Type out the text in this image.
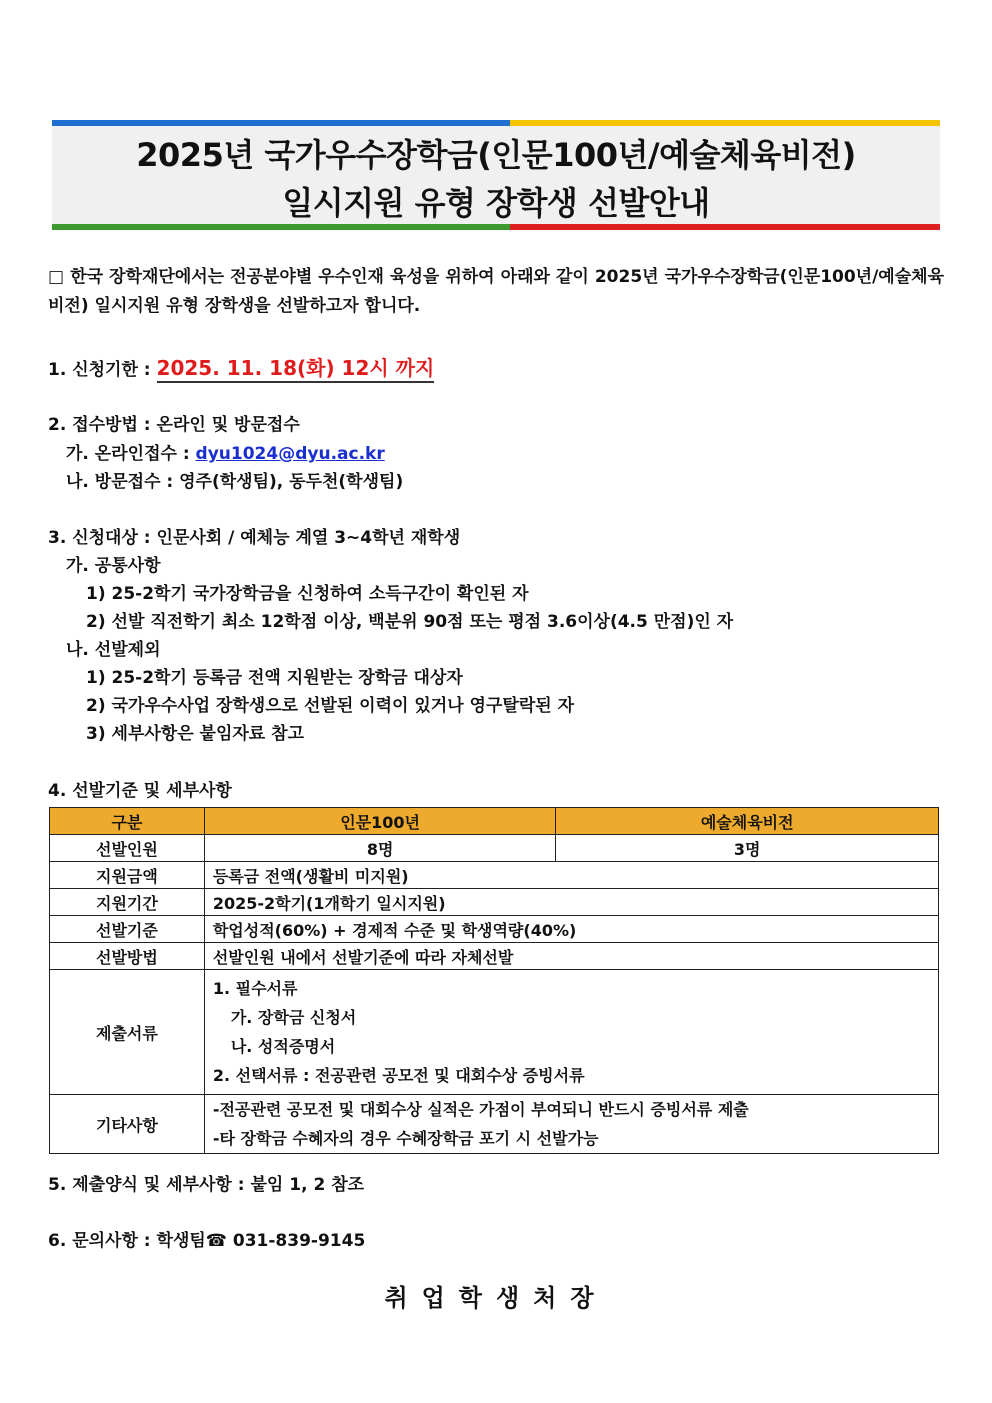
2025년 국가우수장학금(인문100년/예술체육비전)
일시지원 유형 장학생 선발안내
□ 한국 장학재단에서는 전공분야별 우수인재 육성을 위하여 아래와 같이 2025년 국가우수장학금(인문100년/예술체육비전) 일시지원 유형 장학생을 선발하고자 합니다.
1. 신청기한 : 2025. 11. 18(화) 12시 까지
2. 접수방법 : 온라인 및 방문접수
가. 온라인접수 : dyu1024@dyu.ac.kr
나. 방문접수 : 영주(학생팀), 동두천(학생팀)
3. 신청대상 : 인문사회 / 예체능 계열 3~4학년 재학생
가. 공통사항
1) 25-2학기 국가장학금을 신청하여 소득구간이 확인된 자
2) 선발 직전학기 최소 12학점 이상, 백분위 90점 또는 평점 3.6이상(4.5 만점)인 자
나. 선발제외
1) 25-2학기 등록금 전액 지원받는 장학금 대상자
2) 국가우수사업 장학생으로 선발된 이력이 있거나 영구탈락된 자
3) 세부사항은 붙임자료 참고
4. 선발기준 및 세부사항
구분	인문100년	예술체육비전
선발인원	8명	3명
지원금액	등록금 전액(생활비 미지원)	
지원기간	2025-2학기(1개학기 일시지원)	
선발기준	학업성적(60%) + 경제적 수준 및 학생역량(40%)	
선발방법	선발인원 내에서 선발기준에 따라 자체선발	
제출서류	1. 필수서류
가. 장학금 신청서
나. 성적증명서
2. 선택서류 : 전공관련 공모전 및 대회수상 증빙서류	

기타사항	-전공관련 공모전 및 대회수상 실적은 가점이 부여되니 반드시 증빙서류 제출
-타 장학금 수혜자의 경우 수혜장학금 포기 시 선발가능	
5. 제출양식 및 세부사항 : 붙임 1, 2 참조
6. 문의사항 : 학생팀☎ 031-839-9145
취업학생처장
